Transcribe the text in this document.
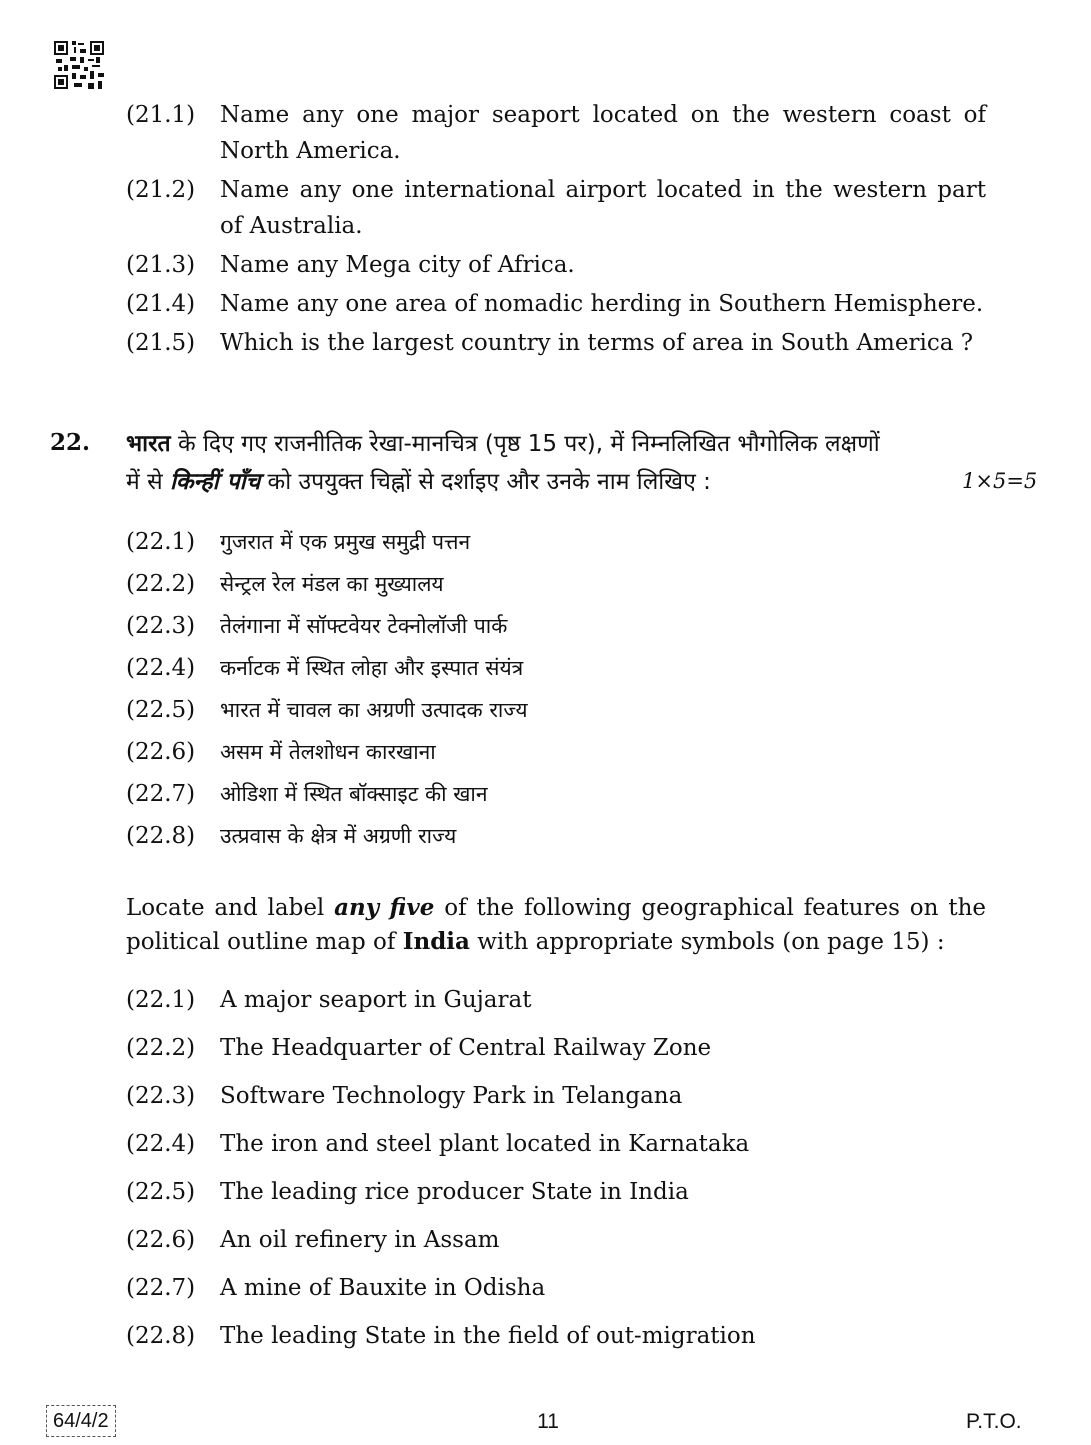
(21.1) Name any one major seaport located on the western coast of North America.
(21.2) Name any one international airport located in the western part of Australia.
(21.3) Name any Mega city of Africa.
(21.4) Name any one area of nomadic herding in Southern Hemisphere.
(21.5) Which is the largest country in terms of area in South America ?
22. भारत के दिए गए राजनीतिक रेखा-मानचित्र (पृष्ठ 15 पर), में निम्नलिखित भौगोलिक लक्षणों
में से किन्हीं पाँच को उपयुक्त चिह्नों से दर्शाइए और उनके नाम लिखिए :	1×5=5
(22.1) गुजरात में एक प्रमुख समुद्री पत्तन
(22.2) सेन्ट्रल रेल मंडल का मुख्यालय
(22.3) तेलंगाना में सॉफ्टवेयर टेक्नोलॉजी पार्क
(22.4) कर्नाटक में स्थित लोहा और इस्पात संयंत्र
(22.5) भारत में चावल का अग्रणी उत्पादक राज्य
(22.6) असम में तेलशोधन कारखाना
(22.7) ओडिशा में स्थित बॉक्साइट की खान
(22.8) उत्प्रवास के क्षेत्र में अग्रणी राज्य
Locate and label any five of the following geographical features on the political outline map of India with appropriate symbols (on page 15) :
(22.1) A major seaport in Gujarat
(22.2) The Headquarter of Central Railway Zone
(22.3) Software Technology Park in Telangana
(22.4) The iron and steel plant located in Karnataka
(22.5) The leading rice producer State in India
(22.6) An oil refinery in Assam
(22.7) A mine of Bauxite in Odisha
(22.8) The leading State in the field of out-migration
64/4/2	11	P.T.O.
